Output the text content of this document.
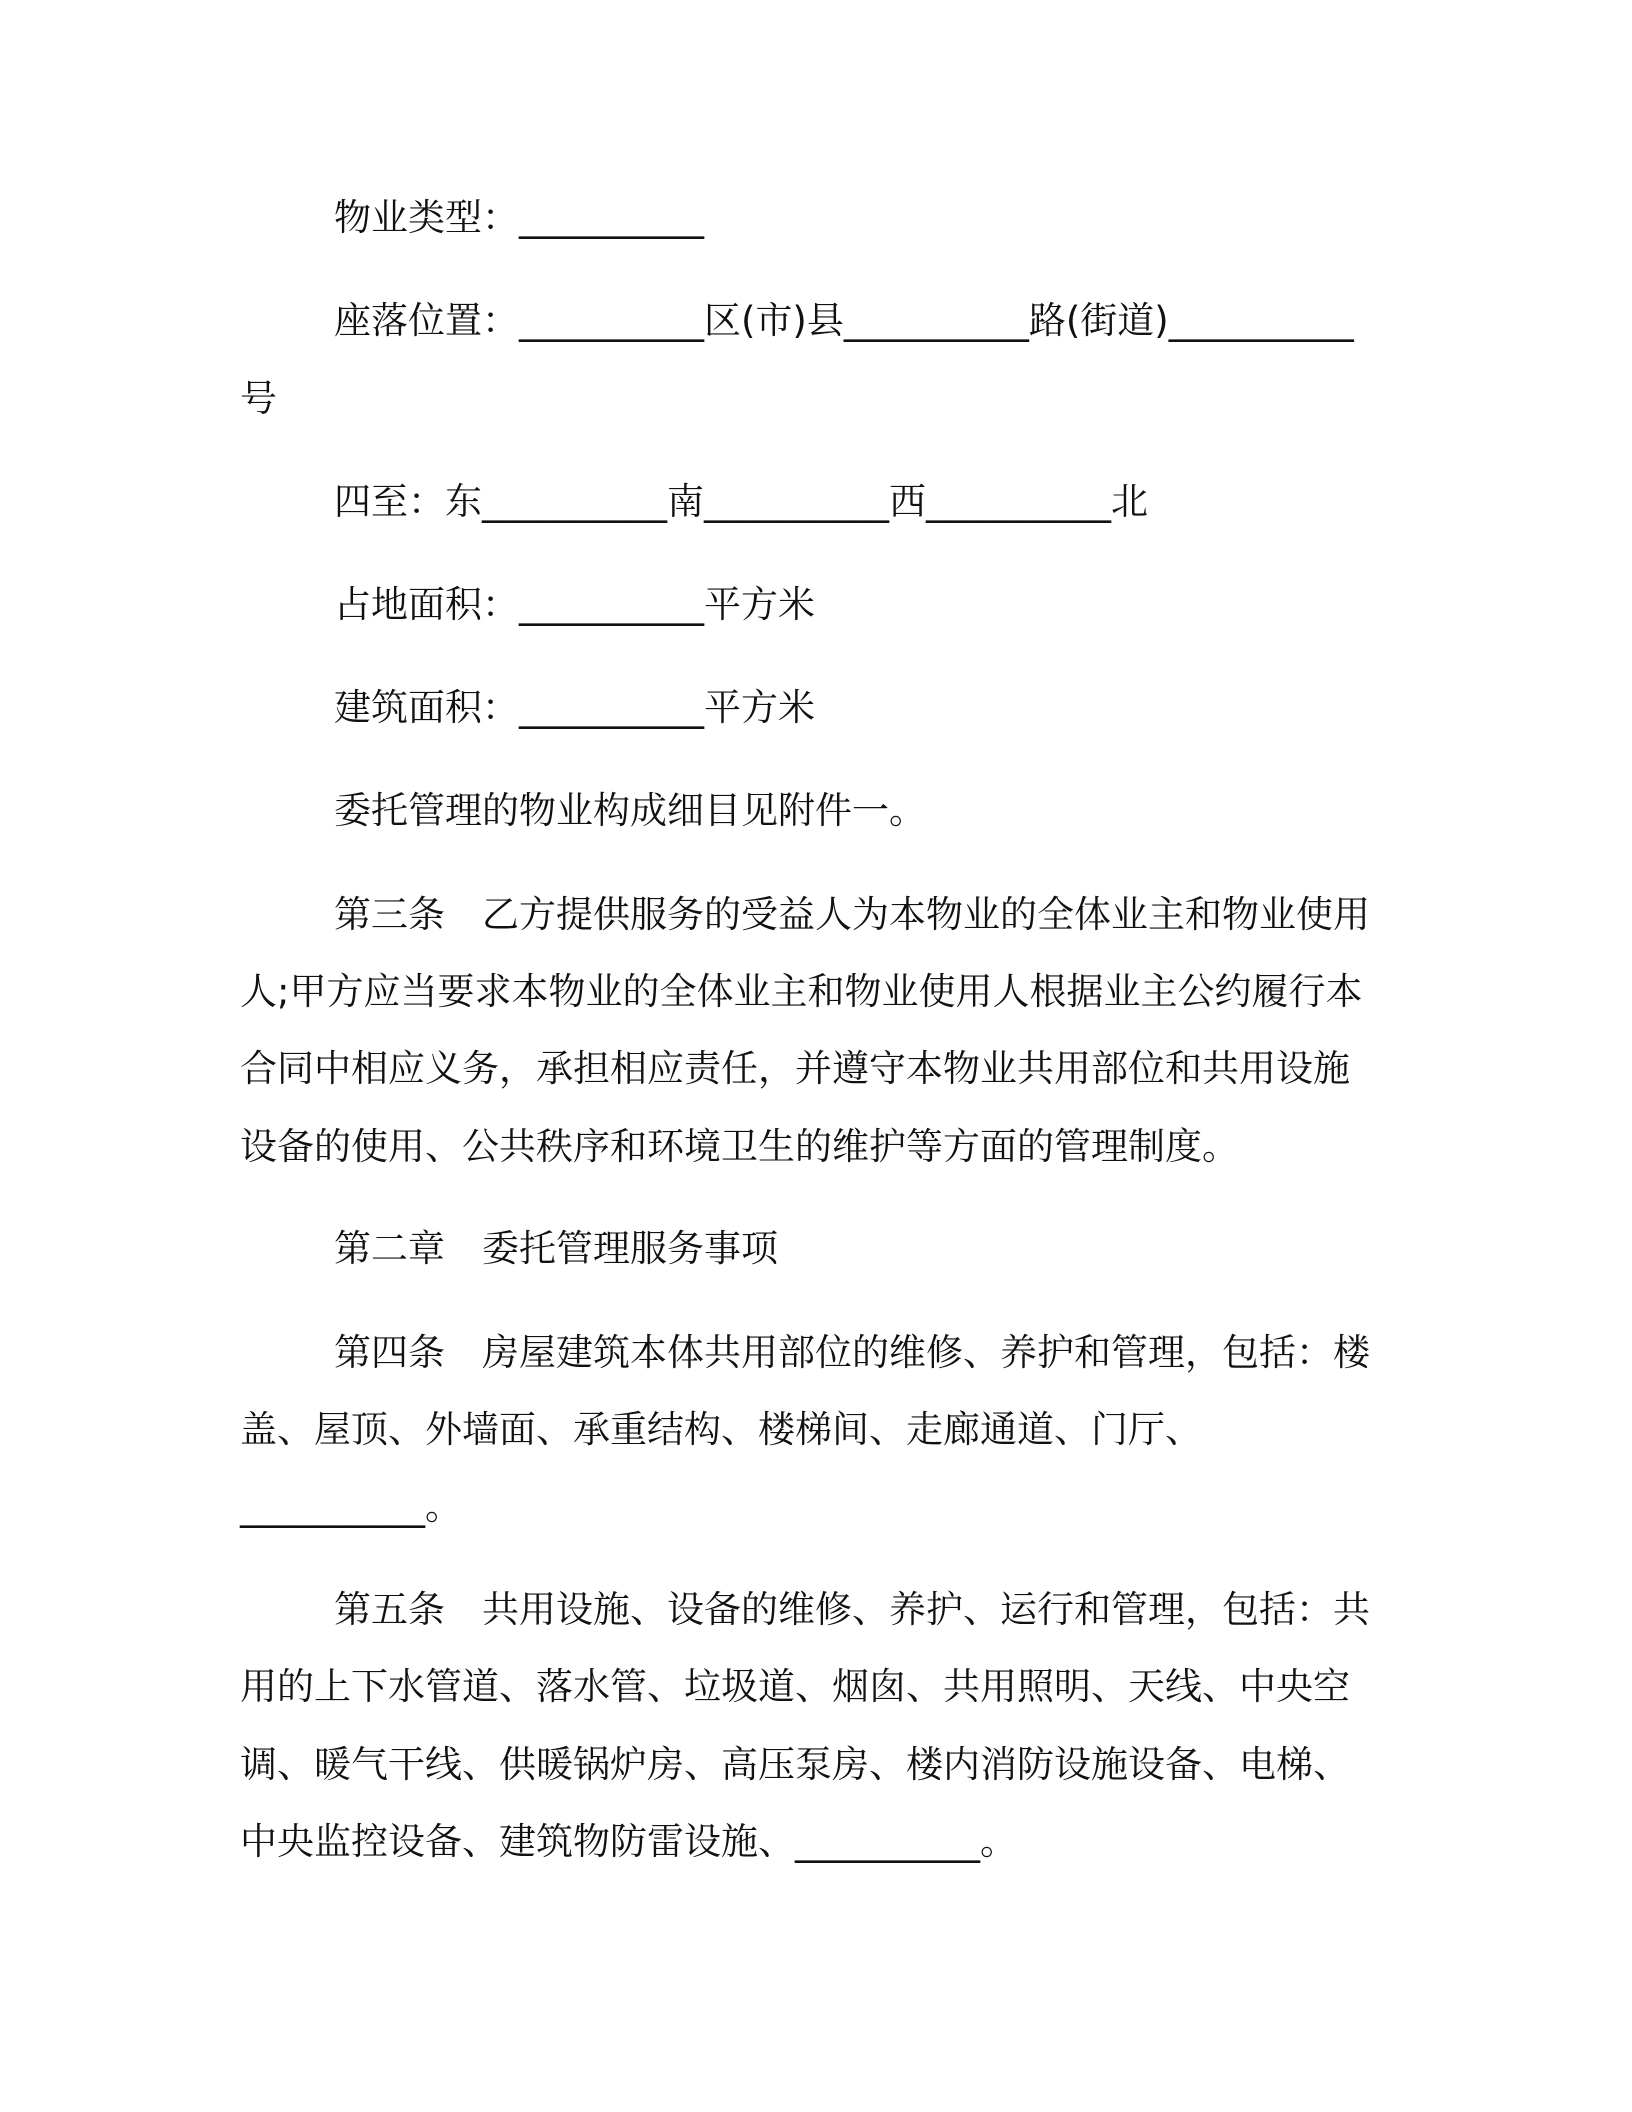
物业类型：__________
座落位置：__________区(市)县__________路(街道)__________
号
四至：东__________南__________西__________北
占地面积：__________平方米
建筑面积：__________平方米
委托管理的物业构成细目见附件一。
第三条　乙方提供服务的受益人为本物业的全体业主和物业使用
人;甲方应当要求本物业的全体业主和物业使用人根据业主公约履行本
合同中相应义务，承担相应责任，并遵守本物业共用部位和共用设施
设备的使用、公共秩序和环境卫生的维护等方面的管理制度。
第二章　委托管理服务事项
第四条　房屋建筑本体共用部位的维修、养护和管理，包括：楼
盖、屋顶、外墙面、承重结构、楼梯间、走廊通道、门厅、
__________。
第五条　共用设施、设备的维修、养护、运行和管理，包括：共
用的上下水管道、落水管、垃圾道、烟囱、共用照明、天线、中央空
调、暖气干线、供暖锅炉房、高压泵房、楼内消防设施设备、电梯、
中央监控设备、建筑物防雷设施、__________。
